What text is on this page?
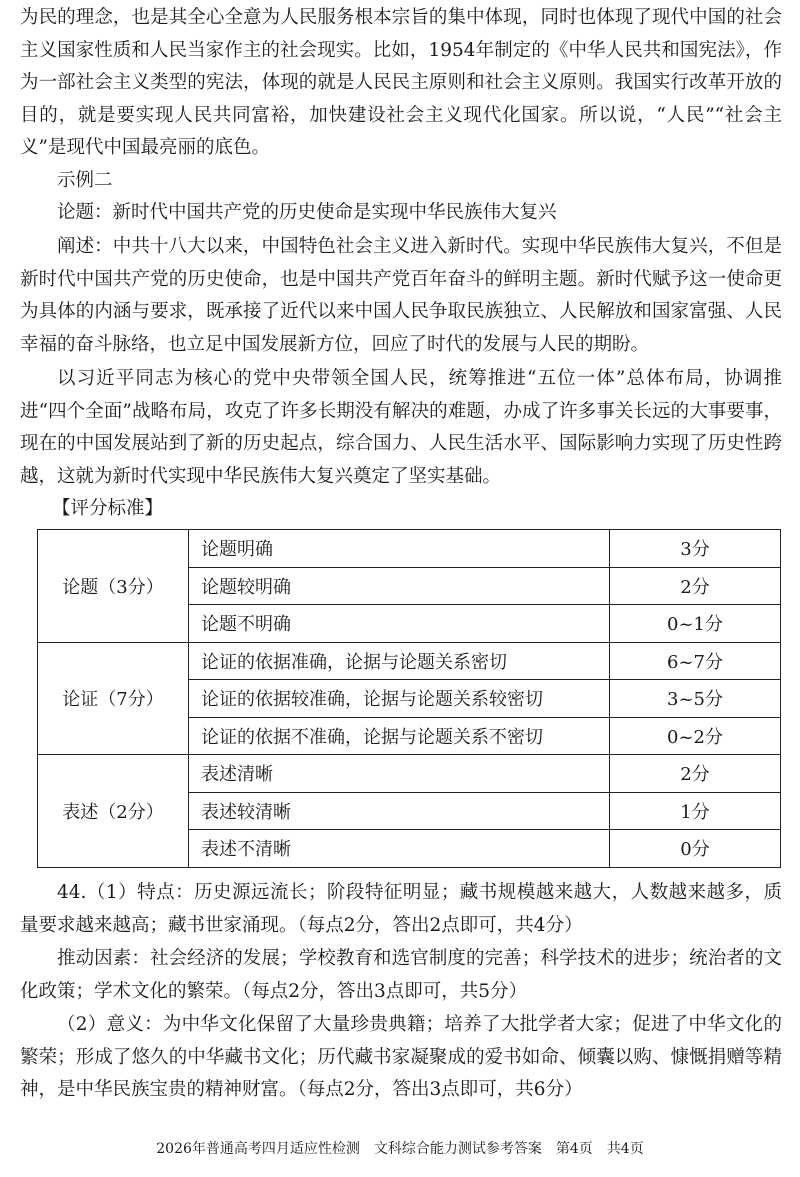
为民的理念，也是其全心全意为人民服务根本宗旨的集中体现，同时也体现了现代中国的社会主义国家性质和人民当家作主的社会现实。比如，1954年制定的《中华人民共和国宪法》，作为一部社会主义类型的宪法，体现的就是人民民主原则和社会主义原则。我国实行改革开放的目的，就是要实现人民共同富裕，加快建设社会主义现代化国家。所以说，“人民”“社会主义”是现代中国最亮丽的底色。

示例二

论题：新时代中国共产党的历史使命是实现中华民族伟大复兴

阐述：中共十八大以来，中国特色社会主义进入新时代。实现中华民族伟大复兴，不但是新时代中国共产党的历史使命，也是中国共产党百年奋斗的鲜明主题。新时代赋予这一使命更为具体的内涵与要求，既承接了近代以来中国人民争取民族独立、人民解放和国家富强、人民幸福的奋斗脉络，也立足中国发展新方位，回应了时代的发展与人民的期盼。

以习近平同志为核心的党中央带领全国人民，统筹推进“五位一体”总体布局，协调推进“四个全面”战略布局，攻克了许多长期没有解决的难题，办成了许多事关长远的大事要事，现在的中国发展站到了新的历史起点，综合国力、人民生活水平、国际影响力实现了历史性跨越，这就为新时代实现中华民族伟大复兴奠定了坚实基础。

【评分标准】

论题（3分）	论题明确	3分
	论题较明确	2分
	论题不明确	0~1分
论证（7分）	论证的依据准确，论据与论题关系密切	6~7分
	论证的依据较准确，论据与论题关系较密切	3~5分
	论证的依据不准确，论据与论题关系不密切	0~2分
表述（2分）	表述清晰	2分
	表述较清晰	1分
	表述不清晰	0分

44.（1）特点：历史源远流长；阶段特征明显；藏书规模越来越大，人数越来越多，质量要求越来越高；藏书世家涌现。（每点2分，答出2点即可，共4分）

推动因素：社会经济的发展；学校教育和选官制度的完善；科学技术的进步；统治者的文化政策；学术文化的繁荣。（每点2分，答出3点即可，共5分）

（2）意义：为中华文化保留了大量珍贵典籍；培养了大批学者大家；促进了中华文化的繁荣；形成了悠久的中华藏书文化；历代藏书家凝聚成的爱书如命、倾囊以购、慷慨捐赠等精神，是中华民族宝贵的精神财富。（每点2分，答出3点即可，共6分）

2026年普通高考四月适应性检测　文科综合能力测试参考答案　第4页　共4页
